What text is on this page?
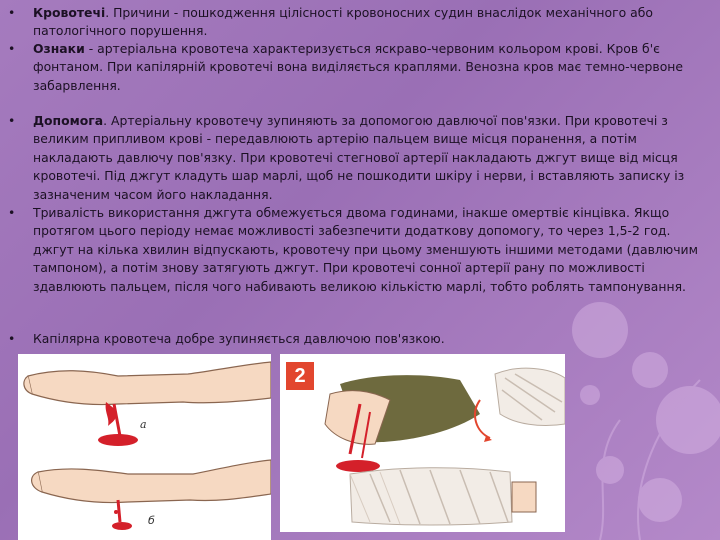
•	Кровотечі. Причини - пошкодження цілісності кровоносних судин внаслідок механічного або патологічного порушення.
•	Ознаки - артеріальна кровотеча характеризується яскраво-червоним кольором крові. Кров б'є фонтаном. При капілярній кровотечі вона виділяється краплями. Венозна кров має темно-червоне забарвлення.
•	Допомога. Артеріальну кровотечу зупиняють за допомогою давлючої пов'язки. При кровотечі з великим припливом крові - передавлюють артерію пальцем вище місця поранення, а потім накладають давлючу пов'язку. При кровотечі стегнової артерії накладають джгут вище від місця кровотечі. Під джгут кладуть шар марлі, щоб не пошкодити шкіру і нерви, і вставляють записку із зазначеним часом його накладання.
•	Тривалість використання джгута обмежується двома годинами, інакше омертвіє кінцівка. Якщо протягом цього періоду немає можливості забезпечити додаткову допомогу, то через 1,5-2 год. джгут на кілька хвилин відпускають, кровотечу при цьому зменшують іншими методами (давлючим тампоном), а потім знову затягують джгут. При кровотечі сонної артерії рану по можливості здавлюють пальцем, після чого набивають великою кількістю марлі, тобто роблять тампонування.
•	Капілярна кровотеча добре зупиняється давлючою пов'язкою.
а
б
2
